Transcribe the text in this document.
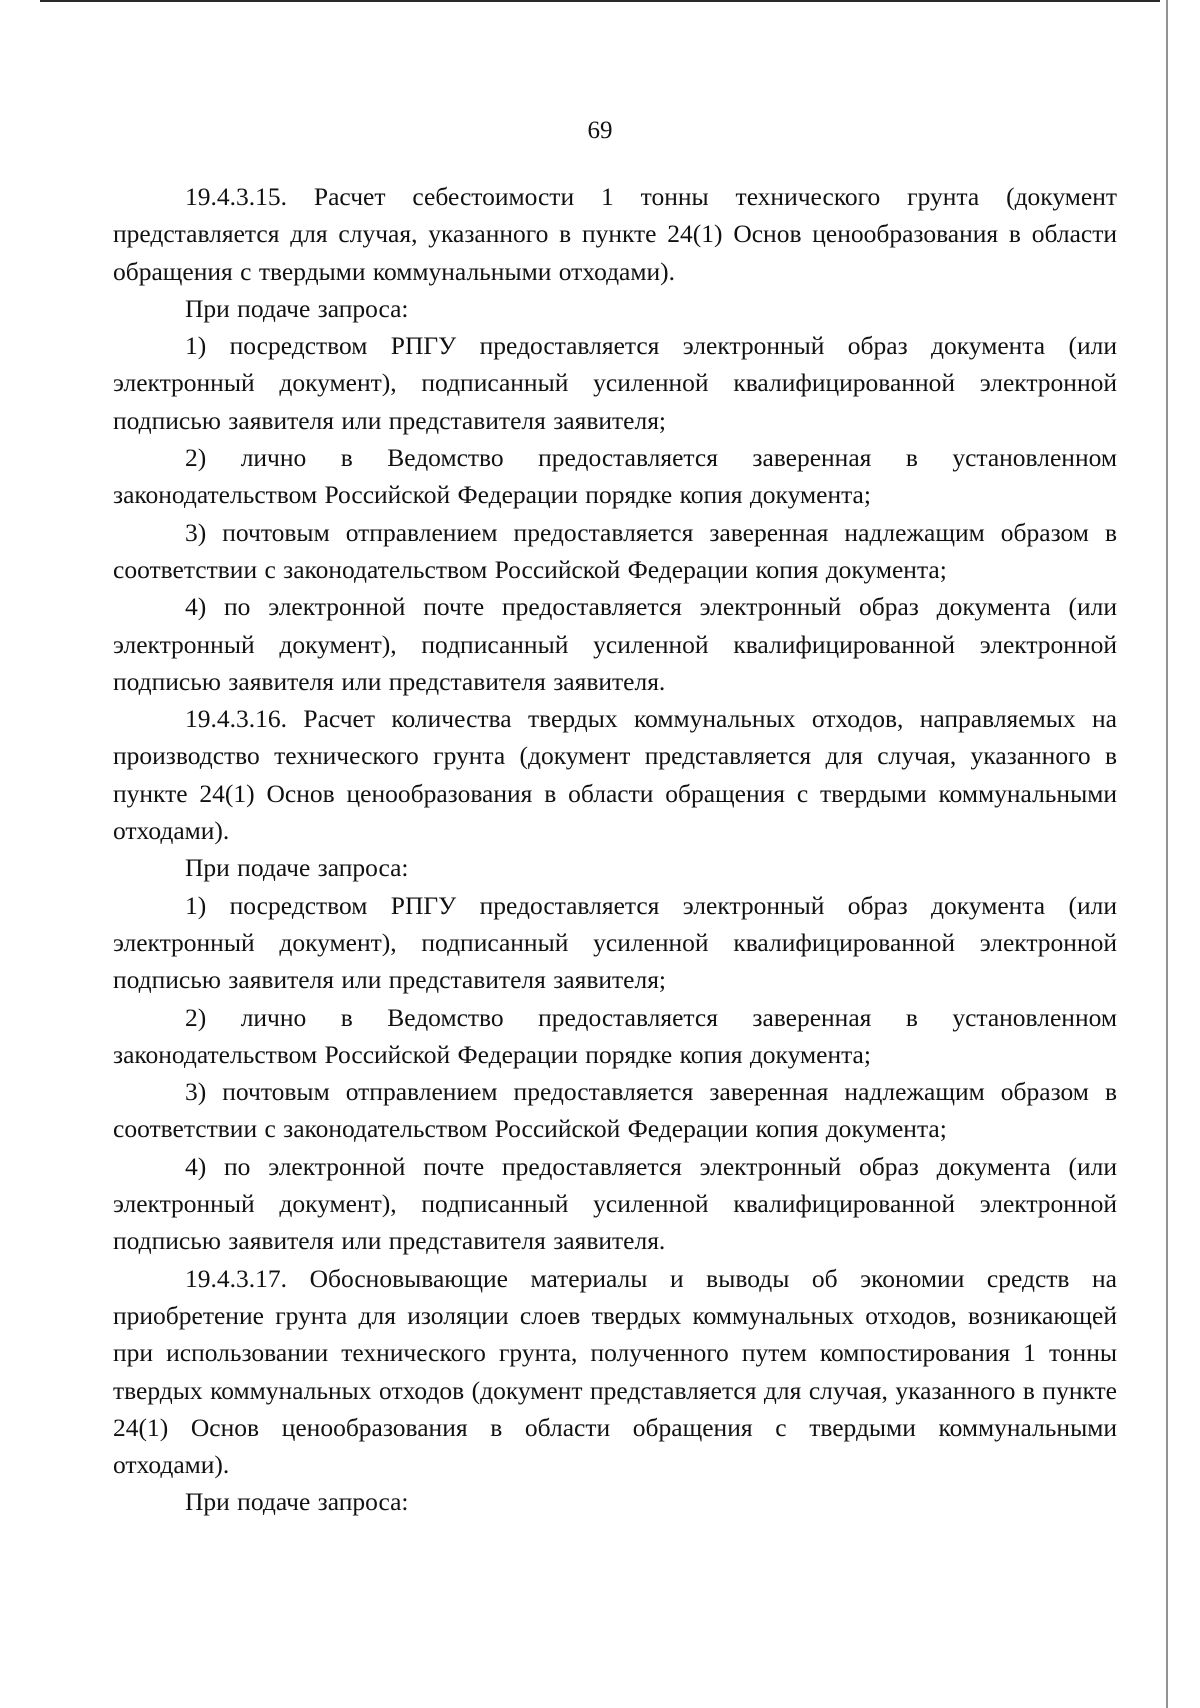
69

19.4.3.15. Расчет себестоимости 1 тонны технического грунта (документ представляется для случая, указанного в пункте 24(1) Основ ценообразования в области обращения с твердыми коммунальными отходами).

При подаче запроса:

1) посредством РПГУ предоставляется электронный образ документа (или электронный документ), подписанный усиленной квалифицированной электронной подписью заявителя или представителя заявителя;

2) лично в Ведомство предоставляется заверенная в установленном законодательством Российской Федерации порядке копия документа;

3) почтовым отправлением предоставляется заверенная надлежащим образом в соответствии с законодательством Российской Федерации копия документа;

4) по электронной почте предоставляется электронный образ документа (или электронный документ), подписанный усиленной квалифицированной электронной подписью заявителя или представителя заявителя.

19.4.3.16. Расчет количества твердых коммунальных отходов, направляемых на производство технического грунта (документ представляется для случая, указанного в пункте 24(1) Основ ценообразования в области обращения с твердыми коммунальными отходами).

При подаче запроса:

1) посредством РПГУ предоставляется электронный образ документа (или электронный документ), подписанный усиленной квалифицированной электронной подписью заявителя или представителя заявителя;

2) лично в Ведомство предоставляется заверенная в установленном законодательством Российской Федерации порядке копия документа;

3) почтовым отправлением предоставляется заверенная надлежащим образом в соответствии с законодательством Российской Федерации копия документа;

4) по электронной почте предоставляется электронный образ документа (или электронный документ), подписанный усиленной квалифицированной электронной подписью заявителя или представителя заявителя.

19.4.3.17. Обосновывающие материалы и выводы об экономии средств на приобретение грунта для изоляции слоев твердых коммунальных отходов, возникающей при использовании технического грунта, полученного путем компостирования 1 тонны твердых коммунальных отходов (документ представляется для случая, указанного в пункте 24(1) Основ ценообразования в области обращения с твердыми коммунальными отходами).

При подаче запроса:
